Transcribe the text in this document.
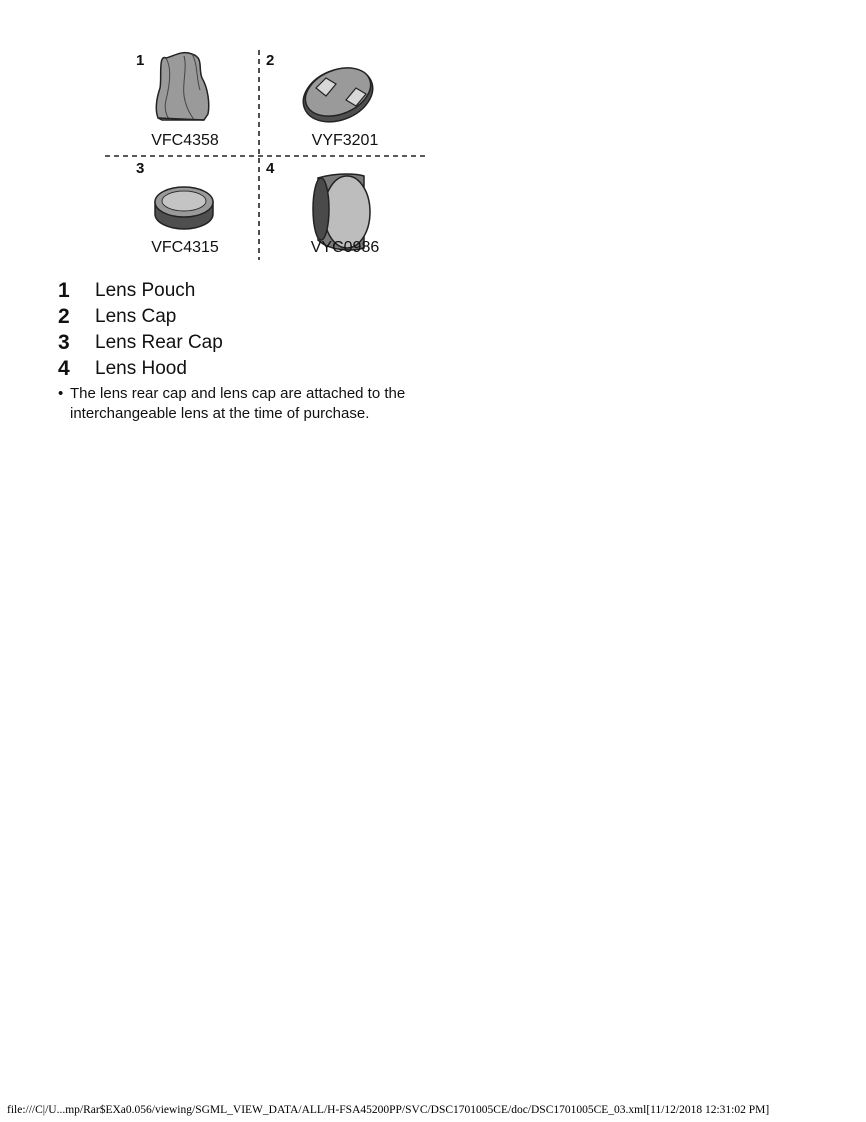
1
VFC4358
2
VYF3201
3
VFC4315
4
VYC0986
1	Lens Pouch
2	Lens Cap
3	Lens Rear Cap
4	Lens Hood
• The lens rear cap and lens cap are attached to the interchangeable lens at the time of purchase.
file:///C|/U...mp/Rar$EXa0.056/viewing/SGML_VIEW_DATA/ALL/H-FSA45200PP/SVC/DSC1701005CE/doc/DSC1701005CE_03.xml[11/12/2018 12:31:02 PM]
